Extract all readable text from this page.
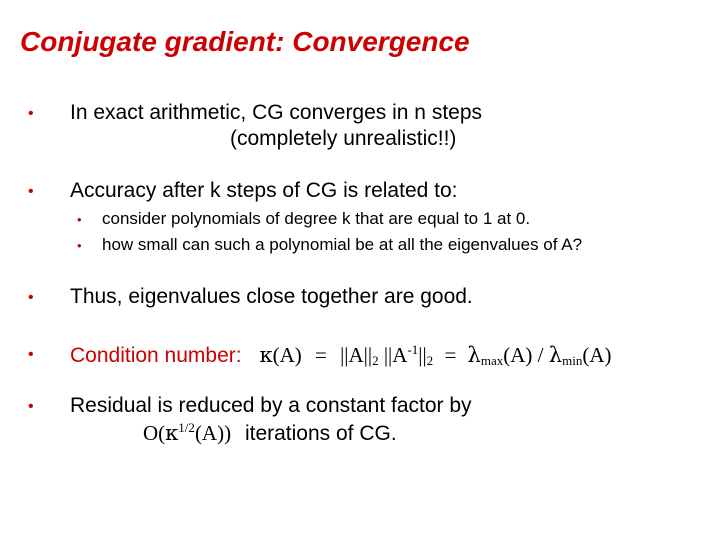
Conjugate gradient: Convergence
• In exact arithmetic, CG converges in n steps
(completely unrealistic!!)
• Accuracy after k steps of CG is related to:
• consider polynomials of degree k that are equal to 1 at 0.
• how small can such a polynomial be at all the eigenvalues of A?
• Thus, eigenvalues close together are good.
• Condition number: $\kappa(A) = ||A||_2$ $||A^{-1}||_2 = \lambda_{max}(A) / \lambda_{min}(A)$
• Residual is reduced by a constant factor by
$O(\kappa^{1/2}(A))$ iterations of CG.
